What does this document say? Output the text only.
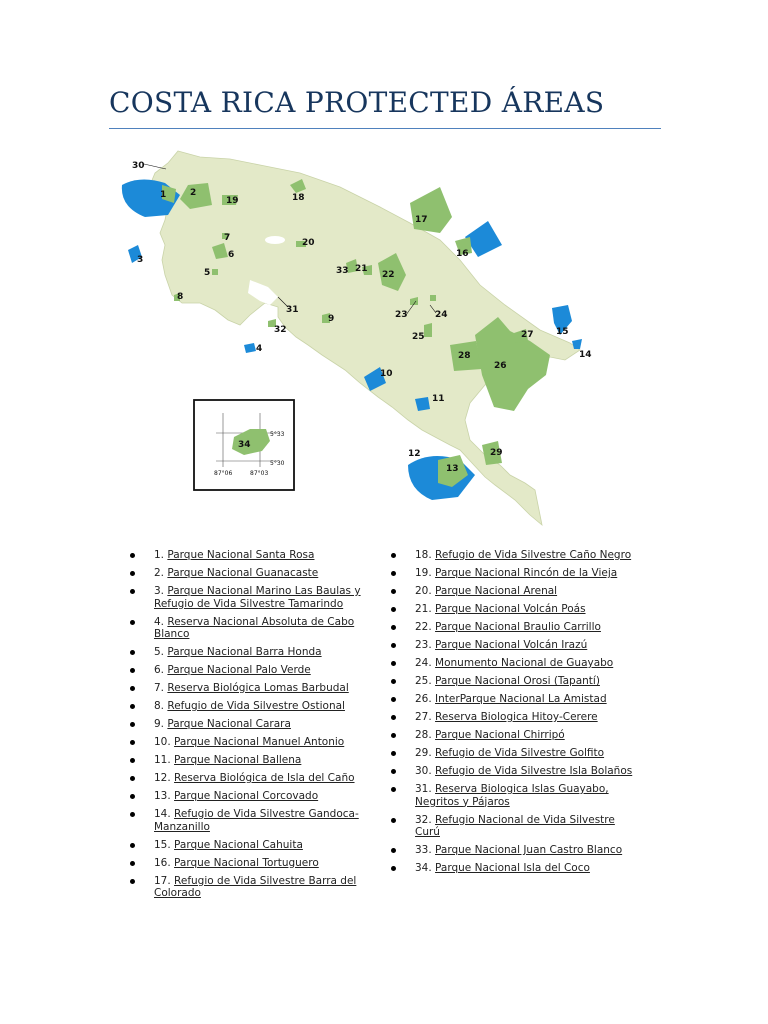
COSTA RICA PROTECTED ÁREAS
30
1	2
19	18
17
3
7
6
5
20
16
33 21
22
8
31
9	23	24
32
4
25	27 15
14
28
26
10
11
12	29
13
34
5°33
5°30
87°06	87°03
1. Parque Nacional Santa Rosa
2. Parque Nacional Guanacaste
3. Parque Nacional Marino Las Baulas y Refugio de Vida Silvestre Tamarindo
4. Reserva Nacional Absoluta de Cabo Blanco
5. Parque Nacional Barra Honda
6. Parque Nacional Palo Verde
7. Reserva Biológica Lomas Barbudal
8. Refugio de Vida Silvestre Ostional
9. Parque Nacional Carara
10. Parque Nacional Manuel Antonio
11. Parque Nacional Ballena
12. Reserva Biológica de Isla del Caño
13. Parque Nacional Corcovado
14. Refugio de Vida Silvestre Gandoca-Manzanillo
15. Parque Nacional Cahuita
16. Parque Nacional Tortuguero
17. Refugio de Vida Silvestre Barra del Colorado
18. Refugio de Vida Silvestre Caño Negro
19. Parque Nacional Rincón de la Vieja
20. Parque Nacional Arenal
21. Parque Nacional Volcán Poás
22. Parque Nacional Braulio Carrillo
23. Parque Nacional Volcán Irazú
24. Monumento Nacional de Guayabo
25. Parque Nacional Orosi (Tapantí)
26. InterParque Nacional La Amistad
27. Reserva Biologica Hitoy-Cerere
28. Parque Nacional Chirripó
29. Refugio de Vida Silvestre Golfito
30. Refugio de Vida Silvestre Isla Bolaños
31. Reserva Biologica Islas Guayabo, Negritos y Pájaros
32. Refugio Nacional de Vida Silvestre Curú
33. Parque Nacional Juan Castro Blanco
34. Parque Nacional Isla del Coco
